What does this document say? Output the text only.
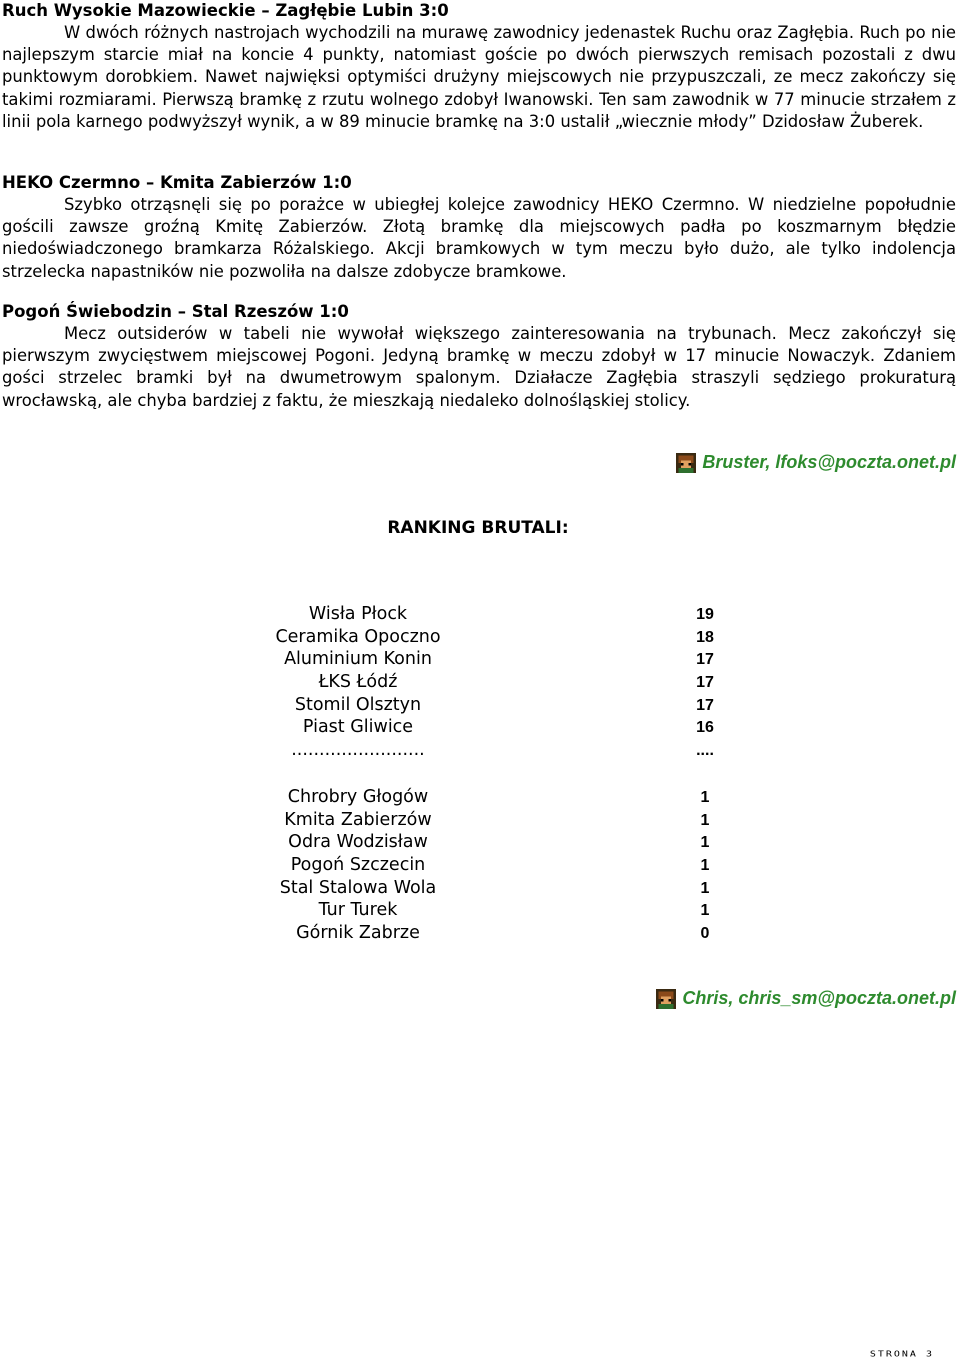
Ruch Wysokie Mazowieckie – Zagłębie Lubin 3:0

W dwóch różnych nastrojach wychodzili na murawę zawodnicy jedenastek Ruchu oraz Zagłębia. Ruch po nie najlepszym starcie miał na koncie 4 punkty, natomiast goście po dwóch pierwszych remisach pozostali z dwu punktowym dorobkiem. Nawet najwięksi optymiści drużyny miejscowych nie przypuszczali, ze mecz zakończy się takimi rozmiarami. Pierwszą bramkę z rzutu wolnego zdobył Iwanowski. Ten sam zawodnik w 77 minucie strzałem z linii pola karnego podwyższył wynik, a w 89 minucie bramkę na 3:0 ustalił „wiecznie młody” Dzidosław Żuberek.

HEKO Czermno – Kmita Zabierzów 1:0

Szybko otrząsnęli się po porażce w ubiegłej kolejce zawodnicy HEKO Czermno. W niedzielne popołudnie gościli zawsze groźną Kmitę Zabierzów. Złotą bramkę dla miejscowych padła po koszmarnym błędzie niedoświadczonego bramkarza Różalskiego. Akcji bramkowych w tym meczu było dużo, ale tylko indolencja strzelecka napastników nie pozwoliła na dalsze zdobycze bramkowe.

Pogoń Świebodzin – Stal Rzeszów 1:0

Mecz outsiderów w tabeli nie wywołał większego zainteresowania na trybunach. Mecz zakończył się pierwszym zwycięstwem miejscowej Pogoni. Jedyną bramkę w meczu zdobył w 17 minucie Nowaczyk. Zdaniem gości strzelec bramki był na dwumetrowym spalonym. Działacze Zagłębia straszyli sędziego prokuraturą wrocławską, ale chyba bardziej z faktu, że mieszkają niedaleko dolnośląskiej stolicy.

Bruster, lfoks@poczta.onet.pl
RANKING BRUTALI:
Wisła Płock	19
Ceramika Opoczno	18
Aluminium Konin	17
ŁKS Łódź	17
Stomil Olsztyn	17
Piast Gliwice	16
........................	....
Chrobry Głogów	1
Kmita Zabierzów	1
Odra Wodzisław	1
Pogoń Szczecin	1
Stal Stalowa Wola	1
Tur Turek	1
Górnik Zabrze	0
Chris, chris_sm@poczta.onet.pl
STRONA 3
